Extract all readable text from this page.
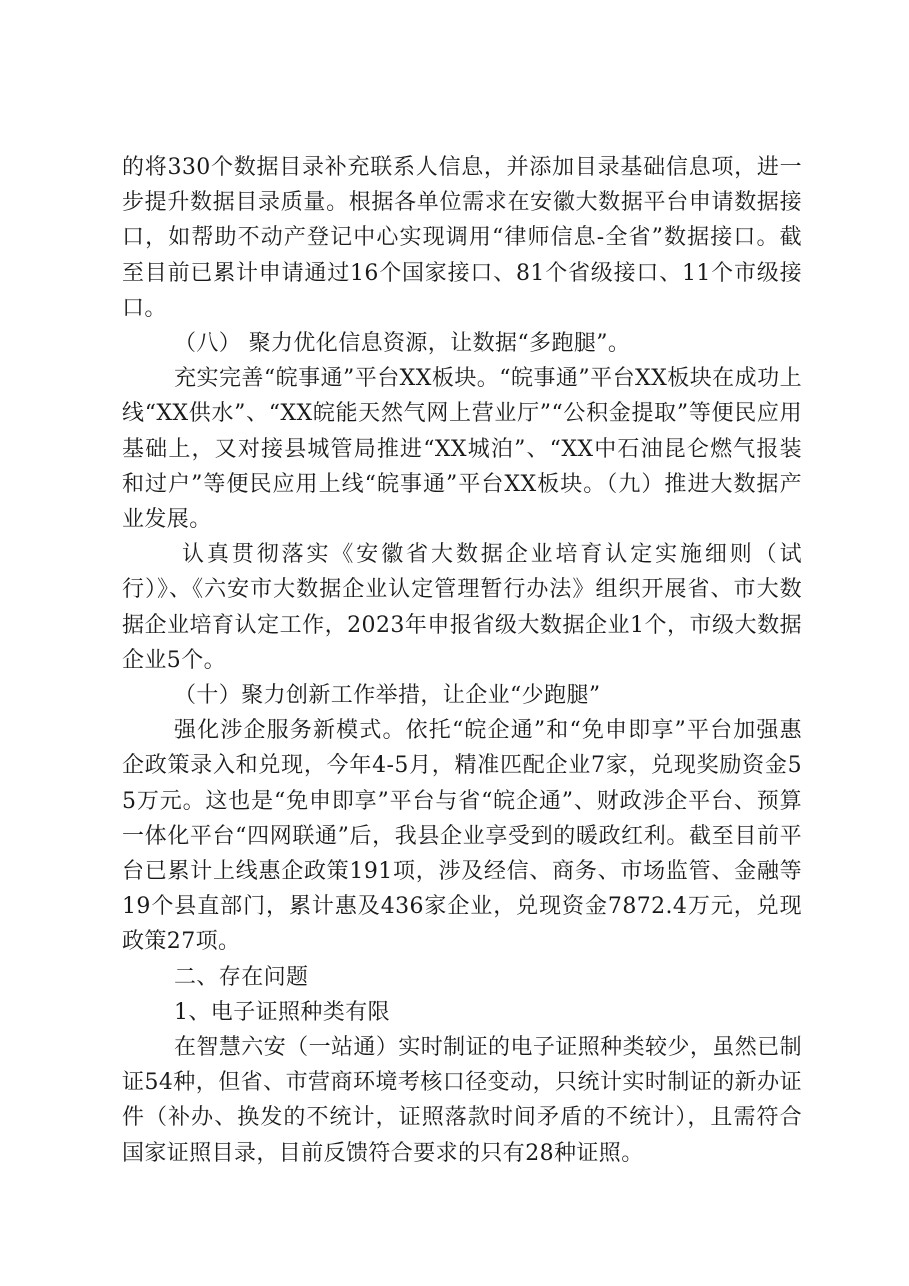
的将330个数据目录补充联系人信息，并添加目录基础信息项，进一步提升数据目录质量。根据各单位需求在安徽大数据平台申请数据接口，如帮助不动产登记中心实现调用“律师信息-全省”数据接口。截至目前已累计申请通过16个国家接口、81个省级接口、11个市级接口。

（八） 聚力优化信息资源，让数据“多跑腿”。

充实完善“皖事通”平台XX板块。“皖事通”平台XX板块在成功上线“XX供水”、“XX皖能天然气网上营业厅”“公积金提取”等便民应用基础上，又对接县城管局推进“XX城泊”、“XX中石油昆仑燃气报装和过户”等便民应用上线“皖事通”平台XX板块。（九）推进大数据产业发展。

认真贯彻落实《安徽省大数据企业培育认定实施细则（试行）》、《六安市大数据企业认定管理暂行办法》组织开展省、市大数据企业培育认定工作，2023年申报省级大数据企业1个，市级大数据企业5个。

（十）聚力创新工作举措，让企业“少跑腿”

强化涉企服务新模式。依托“皖企通”和“免申即享”平台加强惠企政策录入和兑现，今年4-5月，精准匹配企业7家，兑现奖励资金55万元。这也是“免申即享”平台与省“皖企通”、财政涉企平台、预算一体化平台“四网联通”后，我县企业享受到的暖政红利。截至目前平台已累计上线惠企政策191项，涉及经信、商务、市场监管、金融等19个县直部门，累计惠及436家企业，兑现资金7872.4万元，兑现政策27项。

二、存在问题

1、电子证照种类有限

在智慧六安（一站通）实时制证的电子证照种类较少，虽然已制证54种，但省、市营商环境考核口径变动，只统计实时制证的新办证件（补办、换发的不统计，证照落款时间矛盾的不统计），且需符合国家证照目录，目前反馈符合要求的只有28种证照。
